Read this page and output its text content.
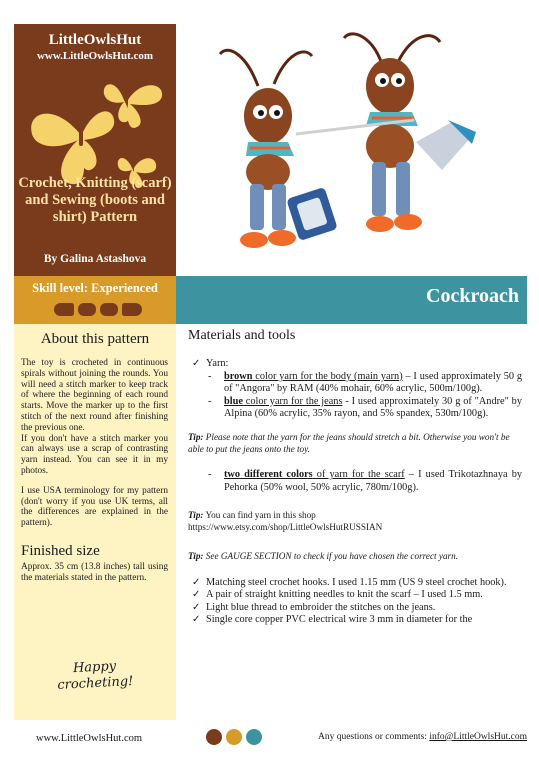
LittleOwlsHut
www.LittleOwlsHut.com
Crochet, Knitting (scarf) and Sewing (boots and shirt) Pattern
By Galina Astashova
Skill level: Experienced	Cockroach
About this pattern

The toy is crocheted in continuous spirals without joining the rounds. You will need a stitch marker to keep track of where the beginning of each round starts. Move the marker up to the first stitch of the next round after finishing the previous one.

If you don't have a stitch marker you can always use a scrap of contrasting yarn instead. You can see it in my photos.

I use USA terminology for my pattern (don't worry if you use UK terms, all the differences are explained in the pattern).

Finished size

Approx. 35 cm (13.8 inches) tall using the materials stated in the pattern.

Happy
crocheting!
Materials and tools
✓ Yarn:
- brown color yarn for the body (main yarn) – I used approximately 50 g of "Angora" by RAM (40% mohair, 60% acrylic, 500m/100g).
- blue color yarn for the jeans - I used approximately 30 g of "Andre" by Alpina (60% acrylic, 35% rayon, and 5% spandex, 530m/100g).

Tip: Please note that the yarn for the jeans should stretch a bit. Otherwise you won't be able to put the jeans onto the toy.

- two different colors of yarn for the scarf – I used Trikotazhnaya by Pehorka (50% wool, 50% acrylic, 780m/100g).

Tip: You can find yarn in this shop
https://www.etsy.com/shop/LittleOwlsHutRUSSIAN

Tip: See GAUGE SECTION to check if you have chosen the correct yarn.

✓ Matching steel crochet hooks. I used 1.15 mm (US 9 steel crochet hook).
✓ A pair of straight knitting needles to knit the scarf – I used 1.5 mm.
✓ Light blue thread to embroider the stitches on the jeans.
✓ Single core copper PVC electrical wire 3 mm in diameter for the
www.LittleOwlsHut.com	Any questions or comments: info@LittleOwlsHut.com
